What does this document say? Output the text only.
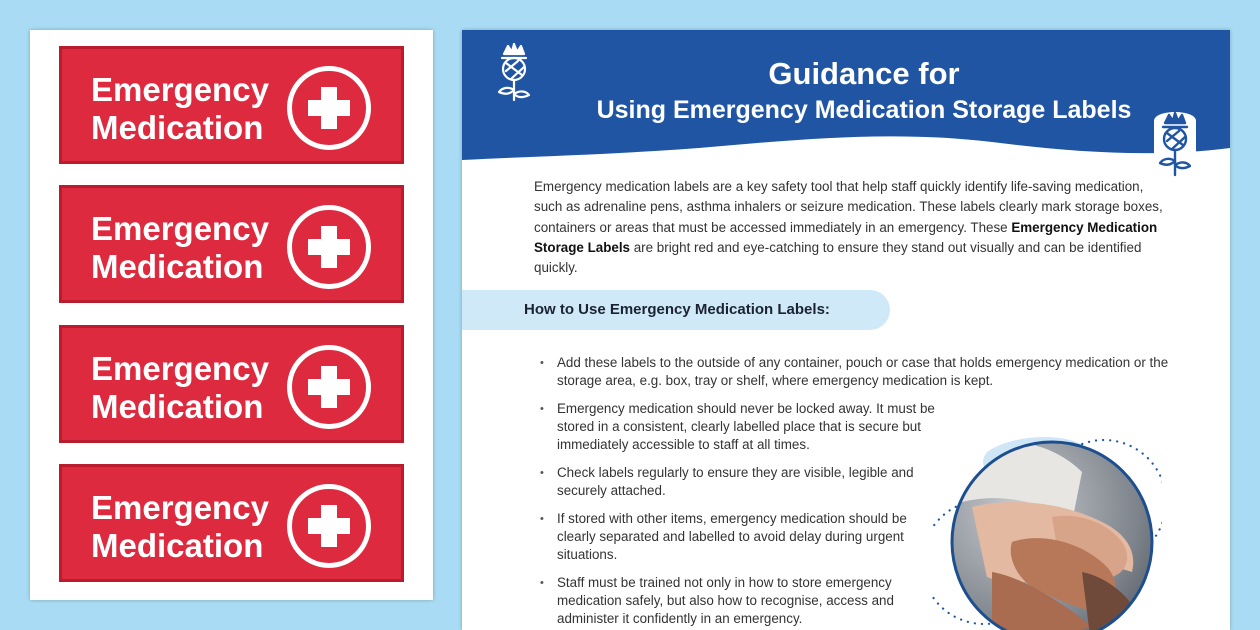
Emergency
Medication
Emergency
Medication
Emergency
Medication
Emergency
Medication
Guidance for
Using Emergency Medication Storage Labels

Emergency medication labels are a key safety tool that help staff quickly identify life-saving medication, such as adrenaline pens, asthma inhalers or seizure medication. These labels clearly mark storage boxes, containers or areas that must be accessed immediately in an emergency. These Emergency Medication Storage Labels are bright red and eye-catching to ensure they stand out visually and can be identified quickly.

How to Use Emergency Medication Labels:
• Add these labels to the outside of any container, pouch or case that holds emergency medication or the storage area, e.g. box, tray or shelf, where emergency medication is kept.
• Emergency medication should never be locked away. It must be stored in a consistent, clearly labelled place that is secure but immediately accessible to staff at all times.
• Check labels regularly to ensure they are visible, legible and securely attached.
• If stored with other items, emergency medication should be clearly separated and labelled to avoid delay during urgent situations.
• Staff must be trained not only in how to store emergency medication safely, but also how to recognise, access and administer it confidently in an emergency.
